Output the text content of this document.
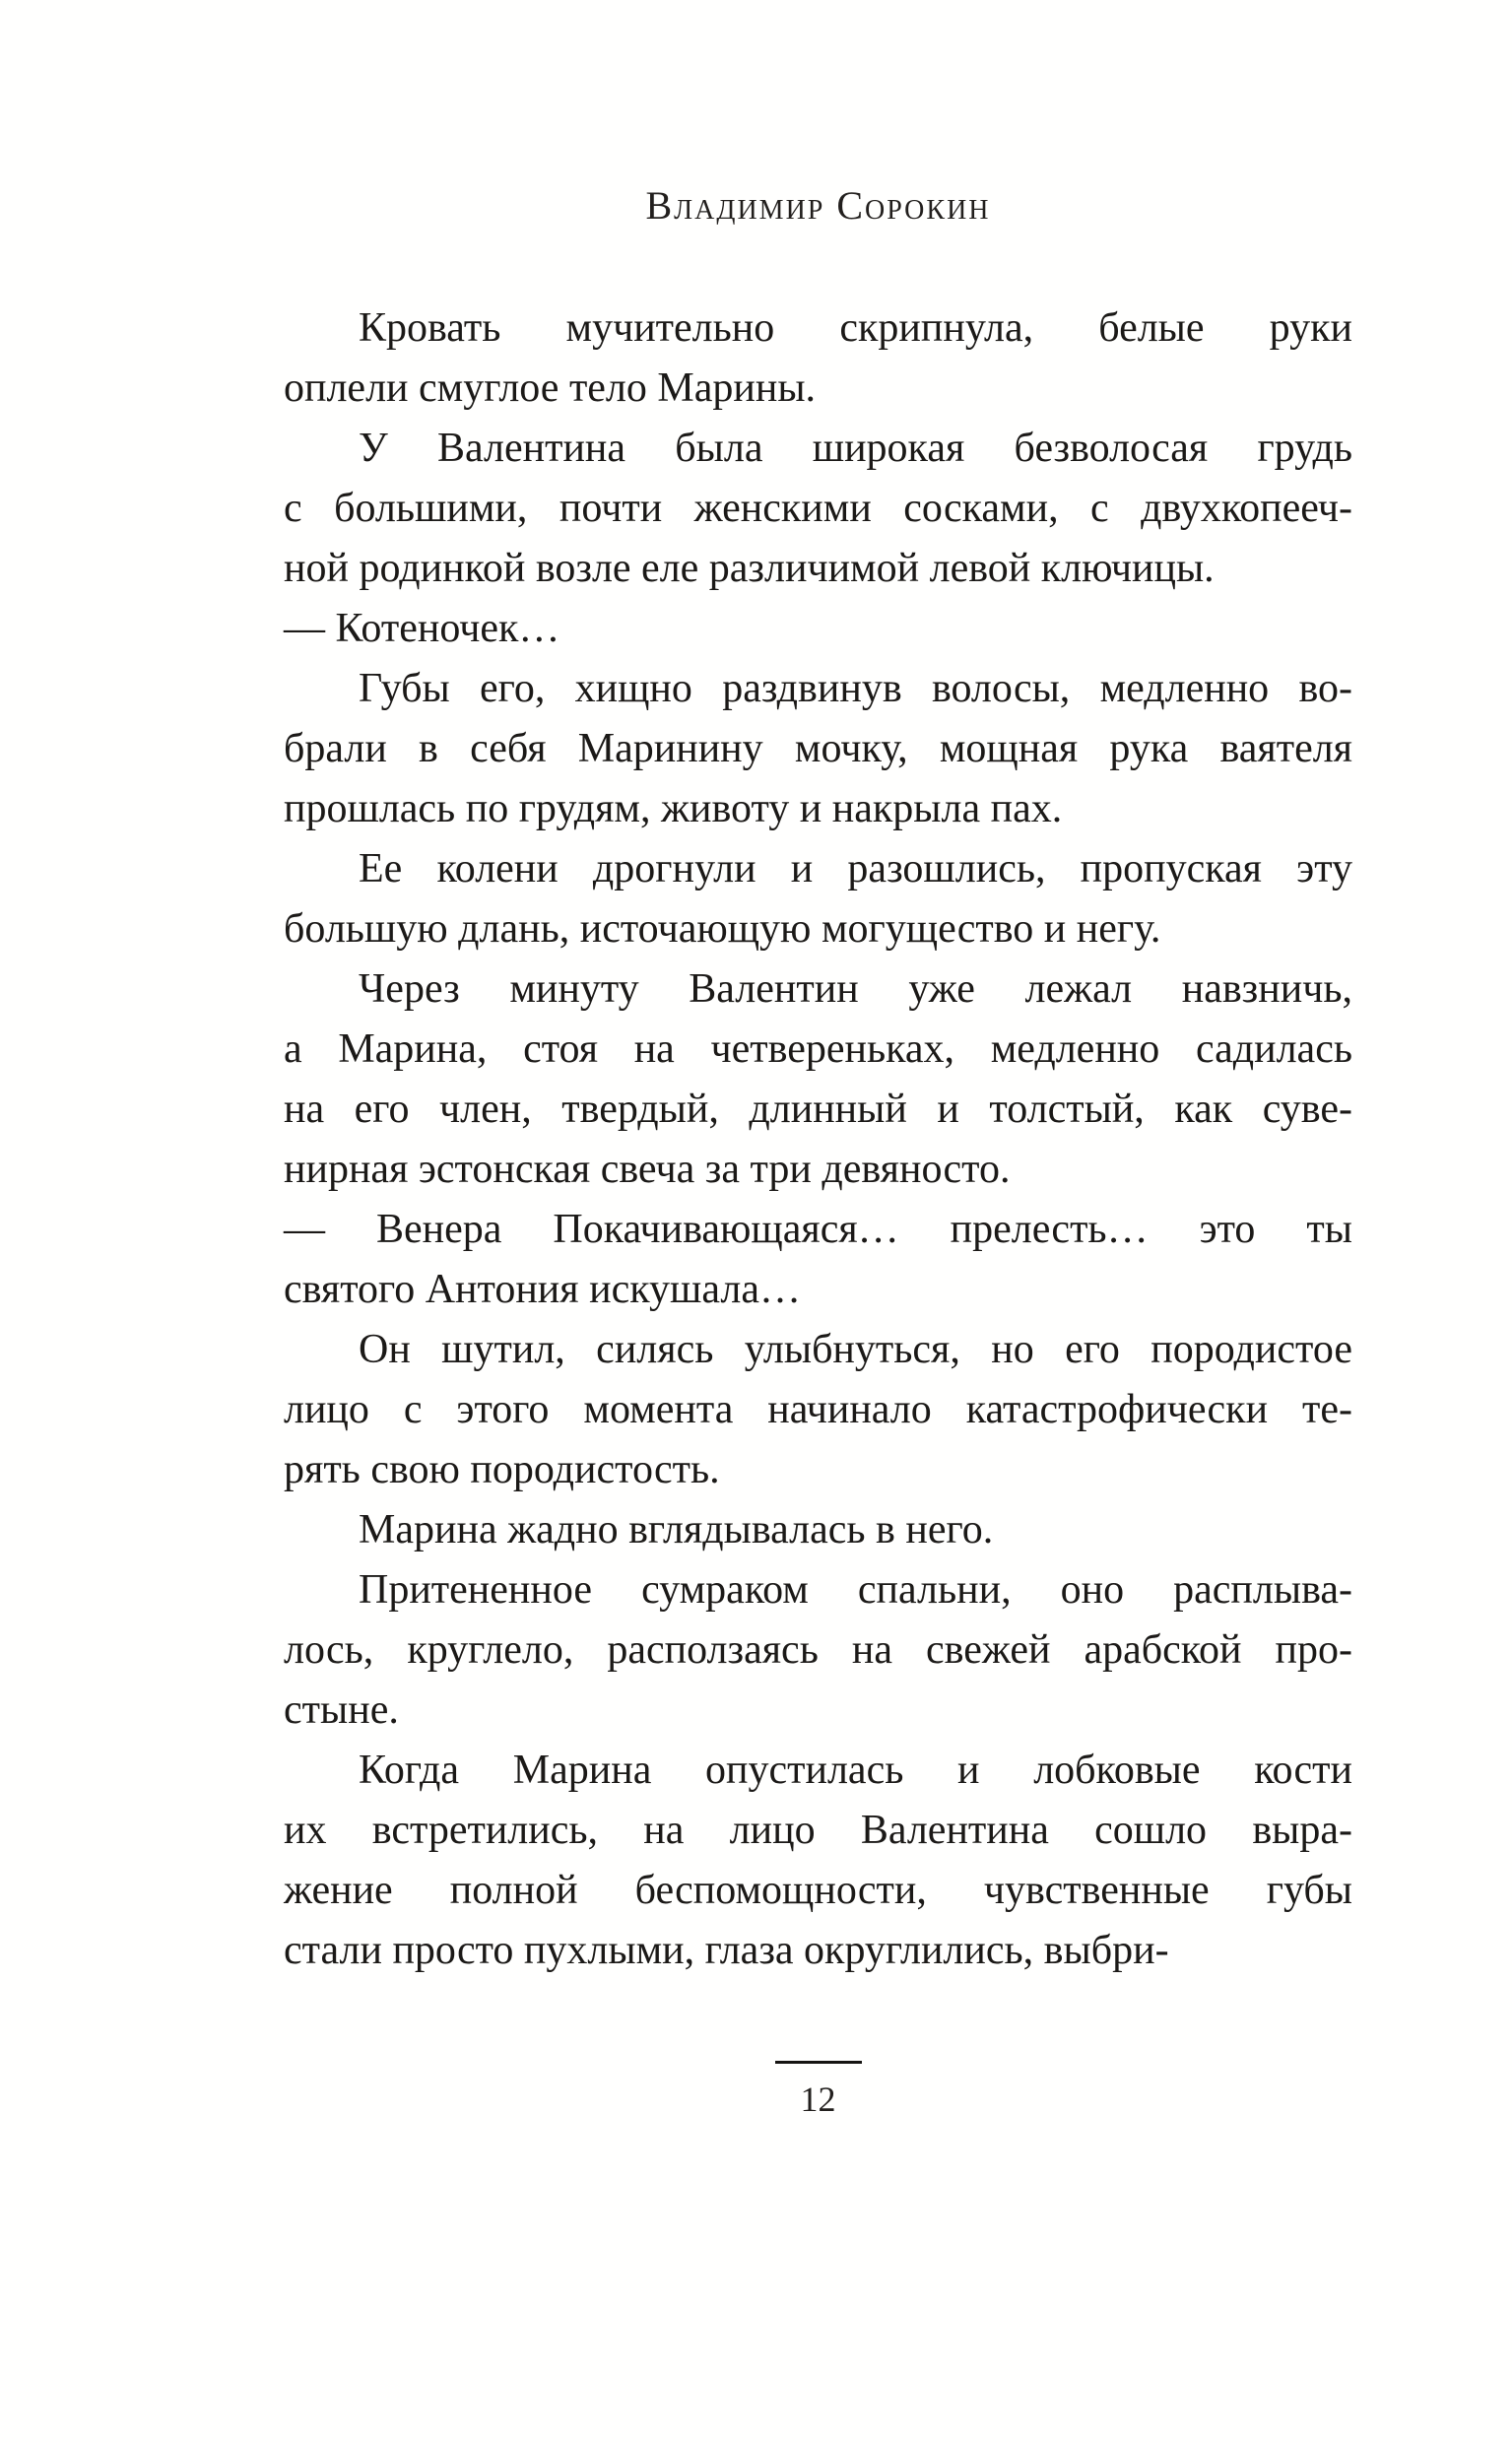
Владимир Сорокин
Кровать мучительно скрипнула, белые руки
оплели смуглое тело Марины.
У Валентина была широкая безволосая грудь
с большими, почти женскими сосками, с двухкопееч-
ной родинкой возле еле различимой левой ключицы.
— Котеночек…
Губы его, хищно раздвинув волосы, медленно во-
брали в себя Маринину мочку, мощная рука ваятеля
прошлась по грудям, животу и накрыла пах.
Ее колени дрогнули и разошлись, пропуская эту
большую длань, источающую могущество и негу.
Через минуту Валентин уже лежал навзничь,
а Марина, стоя на четвереньках, медленно садилась
на его член, твердый, длинный и толстый, как суве-
нирная эстонская свеча за три девяносто.
— Венера Покачивающаяся… прелесть… это ты
святого Антония искушала…
Он шутил, силясь улыбнуться, но его породистое
лицо с этого момента начинало катастрофически те-
рять свою породистость.
Марина жадно вглядывалась в него.
Притененное сумраком спальни, оно расплыва-
лось, круглело, расползаясь на свежей арабской про-
стыне.
Когда Марина опустилась и лобковые кости
их встретились, на лицо Валентина сошло выра-
жение полной беспомощности, чувственные губы
стали просто пухлыми, глаза округлились, выбри-
12
